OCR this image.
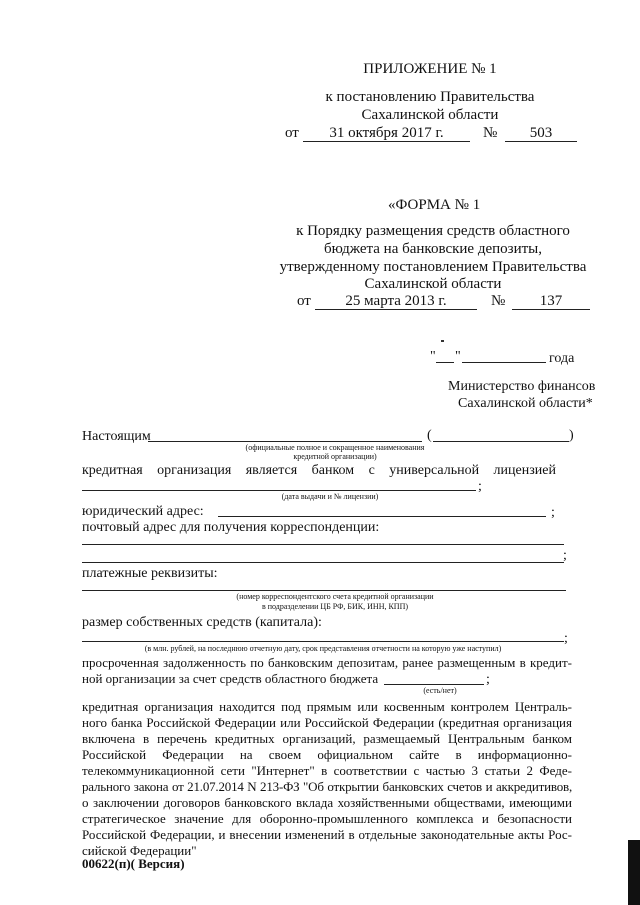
ПРИЛОЖЕНИЕ № 1
к постановлению Правительства
Сахалинской области
от	31 октября 2017 г.	№	503
«ФОРМА № 1
к Порядку размещения средств областного
бюджета на банковские депозиты,
утвержденному постановлением Правительства
Сахалинской области
от	25 марта 2013 г.	№	137
" "	года
Министерство финансов
Сахалинской области*
Настоящим	(	)
(официальные полное и сокращенное наименования
кредитной организации)
кредитная организация является банком с универсальной лицензией
;
(дата выдачи и № лицензии)
юридический адрес:	;
почтовый адрес для получения корреспонденции:
;
платежные реквизиты:
(номер корреспондентского счета кредитной организации
в подразделении ЦБ РФ, БИК, ИНН, КПП)
размер собственных средств (капитала):
;
(в млн. рублей, на последнюю отчетную дату, срок представления отчетности на которую уже наступил)
просроченная задолженность по банковским депозитам, ранее размещенным в кредит-
ной организации за счет средств областного бюджета	;
(есть/нет)
кредитная организация находится под прямым или косвенным контролем Централь-
ного банка Российской Федерации или Российской Федерации (кредитная организация
включена в перечень кредитных организаций, размещаемый Центральным банком
Российской Федерации на своем официальном сайте в информационно-
телекоммуникационной сети "Интернет" в соответствии с частью 3 статьи 2 Феде-
рального закона от 21.07.2014 N 213-ФЗ "Об открытии банковских счетов и аккредитивов,
о заключении договоров банковского вклада хозяйственными обществами, имеющими
стратегическое значение для оборонно-промышленного комплекса и безопасности
Российской Федерации, и внесении изменений в отдельные законодательные акты Рос-
сийской Федерации"
00622(п)( Версия)
